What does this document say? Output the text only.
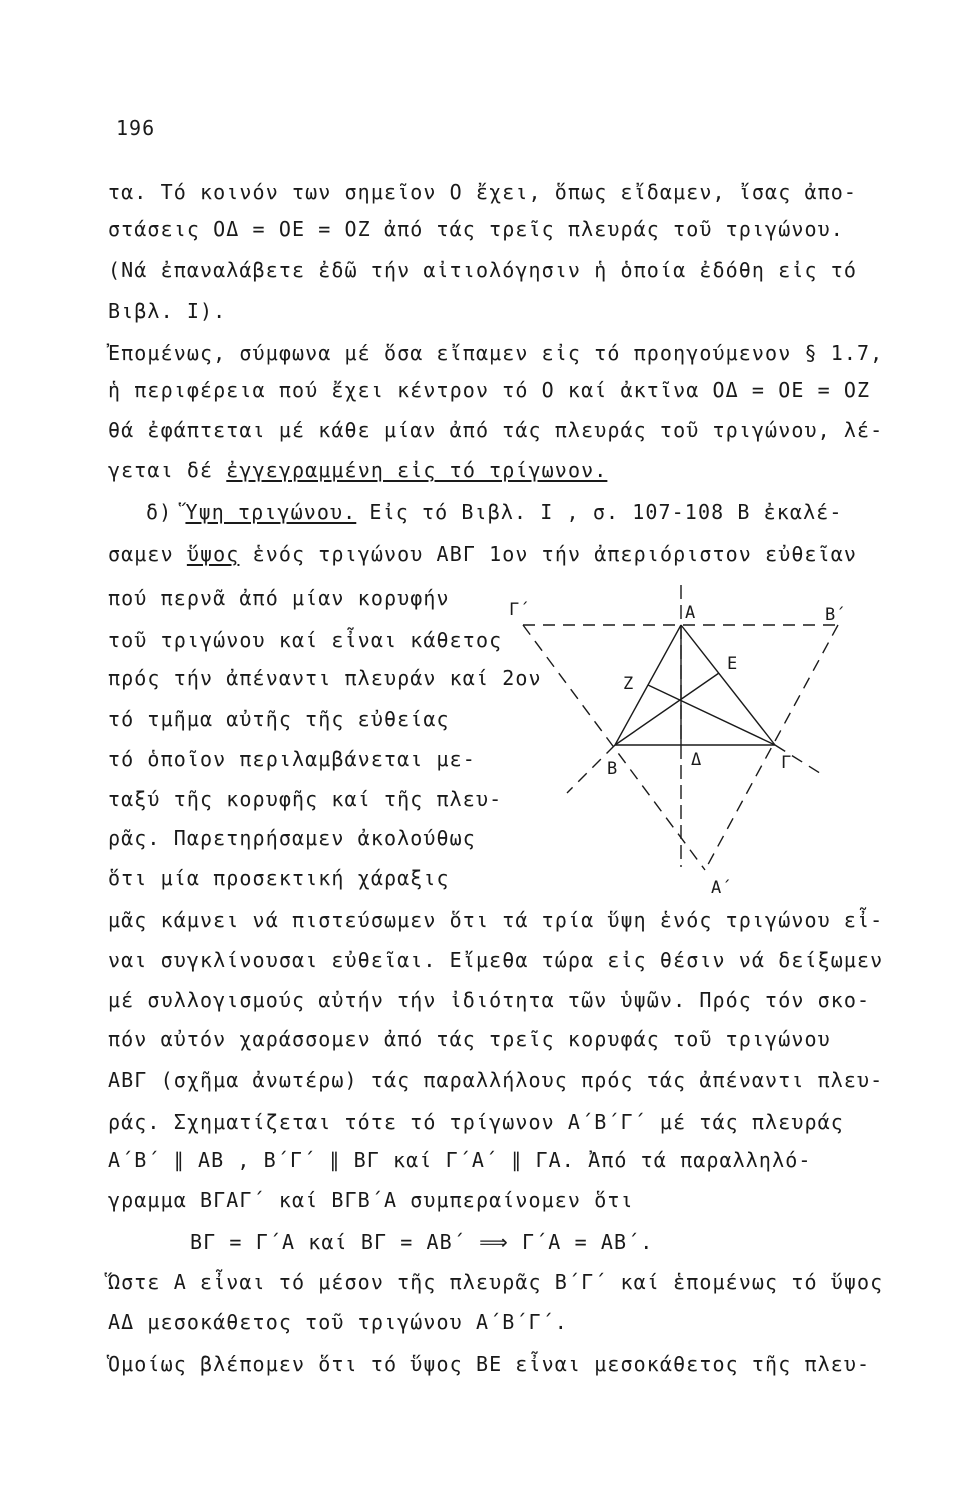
196
τα. Τό κοινόν των σημεῖον Ο ἔχει, ὅπως εἴδαμεν, ἴσας ἀπο-
στάσεις ΟΔ = ΟΕ = ΟΖ ἀπό τάς τρεῖς πλευράς τοῦ τριγώνου.
(Νά ἐπαναλάβετε ἐδῶ τήν αἰτιολόγησιν ἡ ὁποία ἐδόθη εἰς τό
Βιβλ. Ι).
Ἐπομένως, σύμφωνα μέ ὅσα εἴπαμεν εἰς τό προηγούμενον § 1.7,
ἡ περιφέρεια πού ἔχει κέντρον τό Ο καί ἀκτῖνα ΟΔ = ΟΕ = ΟΖ
θά ἐφάπτεται μέ κάθε μίαν ἀπό τάς πλευράς τοῦ τριγώνου, λέ-
γεται δέ ἐγγεγραμμένη εἰς τό τρίγωνον.
δ) Ὕψη τριγώνου. Εἰς τό Βιβλ. Ι , σ. 107-108 Β ἐκαλέ-
σαμεν ὕψος ἑνός τριγώνου ΑΒΓ 1ον τήν ἀπεριόριστον εὐθεῖαν
πού περνᾶ ἀπό μίαν κορυφήν
τοῦ τριγώνου καί εἶναι κάθετος
πρός τήν ἀπέναντι πλευράν καί 2ον
τό τμῆμα αὐτῆς τῆς εὐθείας
τό ὁποῖον περιλαμβάνεται με-
ταξύ τῆς κορυφῆς καί τῆς πλευ-
ρᾶς. Παρετηρήσαμεν ἀκολούθως
ὅτι μία προσεκτική χάραξις
μᾶς κάμνει νά πιστεύσωμεν ὅτι τά τρία ὕψη ἑνός τριγώνου εἶ-
ναι συγκλίνουσαι εὐθεῖαι. Εἴμεθα τώρα εἰς θέσιν νά δείξωμεν
μέ συλλογισμούς αὐτήν τήν ἰδιότητα τῶν ὑψῶν. Πρός τόν σκο-
πόν αὐτόν χαράσσομεν ἀπό τάς τρεῖς κορυφάς τοῦ τριγώνου
ΑΒΓ (σχῆμα ἀνωτέρω) τάς παραλλήλους πρός τάς ἀπέναντι πλευ-
ράς. Σχηματίζεται τότε τό τρίγωνον Α΄Β΄Γ΄ μέ τάς πλευράς
Α΄Β΄ ∥ ΑΒ , Β΄Γ΄ ∥ ΒΓ καί Γ΄Α΄ ∥ ΓΑ. Ἀπό τά παραλληλό-
γραμμα ΒΓΑΓ΄ καί ΒΓΒ΄Α συμπεραίνομεν ὅτι
ΒΓ = Γ΄Α καί ΒΓ = ΑΒ΄ ⟹ Γ΄Α = ΑΒ΄.
Ὥστε Α εἶναι τό μέσον τῆς πλευρᾶς Β΄Γ΄ καί ἑπομένως τό ὕψος
ΑΔ μεσοκάθετος τοῦ τριγώνου Α΄Β΄Γ΄.
Ὁμοίως βλέπομεν ὅτι τό ὕψος ΒΕ εἶναι μεσοκάθετος τῆς πλευ-
Γ΄	Α	Β΄
Ε
Ζ
Β	Δ	Γ
Α΄
